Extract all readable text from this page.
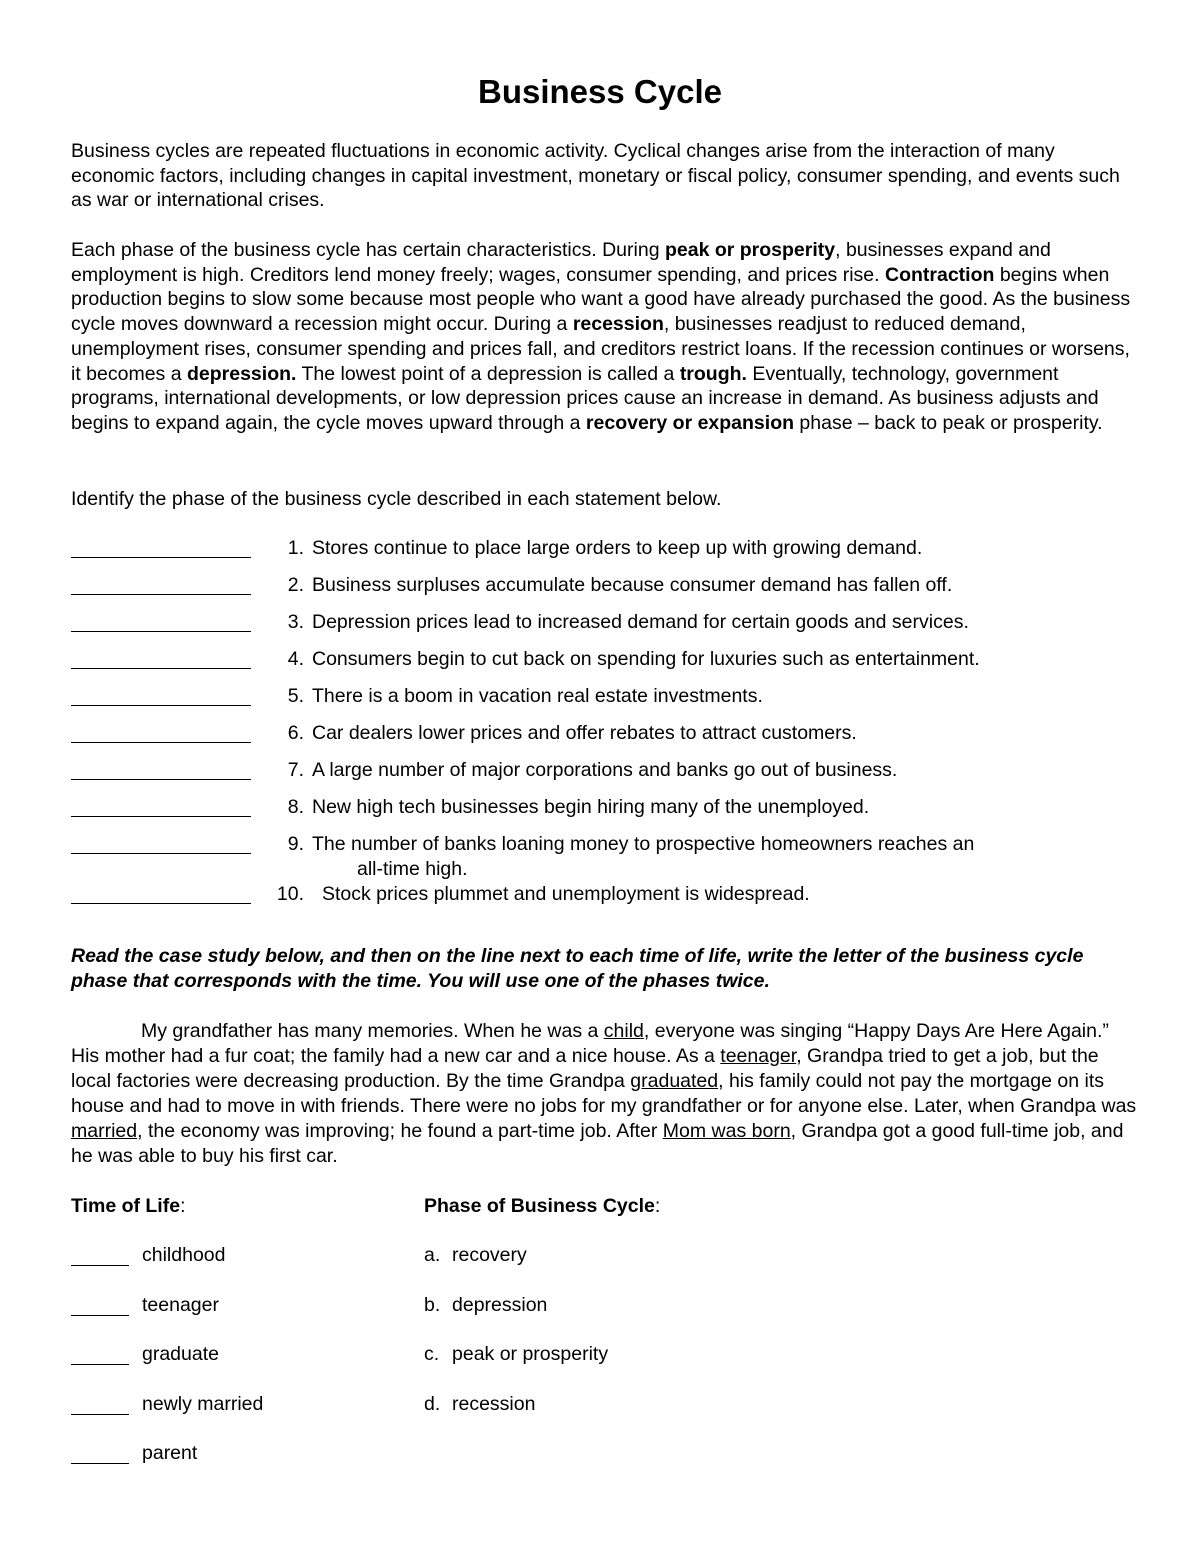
Business Cycle

Business cycles are repeated fluctuations in economic activity. Cyclical changes arise from the interaction of many economic factors, including changes in capital investment, monetary or fiscal policy, consumer spending, and events such as war or international crises.

Each phase of the business cycle has certain characteristics. During peak or prosperity, businesses expand and employment is high. Creditors lend money freely; wages, consumer spending, and prices rise. Contraction begins when production begins to slow some because most people who want a good have already purchased the good. As the business cycle moves downward a recession might occur. During a recession, businesses readjust to reduced demand, unemployment rises, consumer spending and prices fall, and creditors restrict loans. If the recession continues or worsens, it becomes a depression. The lowest point of a depression is called a trough. Eventually, technology, government programs, international developments, or low depression prices cause an increase in demand. As business adjusts and begins to expand again, the cycle moves upward through a recovery or expansion phase – back to peak or prosperity.

Identify the phase of the business cycle described in each statement below.

1. Stores continue to place large orders to keep up with growing demand.
2. Business surpluses accumulate because consumer demand has fallen off.
3. Depression prices lead to increased demand for certain goods and services.
4. Consumers begin to cut back on spending for luxuries such as entertainment.
5. There is a boom in vacation real estate investments.
6. Car dealers lower prices and offer rebates to attract customers.
7. A large number of major corporations and banks go out of business.
8. New high tech businesses begin hiring many of the unemployed.
9. The number of banks loaning money to prospective homeowners reaches an
all-time high.
10. Stock prices plummet and unemployment is widespread.

Read the case study below, and then on the line next to each time of life, write the letter of the business cycle phase that corresponds with the time. You will use one of the phases twice.

My grandfather has many memories. When he was a child, everyone was singing “Happy Days Are Here Again.” His mother had a fur coat; the family had a new car and a nice house. As a teenager, Grandpa tried to get a job, but the local factories were decreasing production. By the time Grandpa graduated, his family could not pay the mortgage on its house and had to move in with friends. There were no jobs for my grandfather or for anyone else. Later, when Grandpa was married, the economy was improving; he found a part-time job. After Mom was born, Grandpa got a good full-time job, and he was able to buy his first car.

Time of Life:	Phase of Business Cycle:
childhood
teenager
graduate
newly married
parent
a. recovery
b. depression
c. peak or prosperity
d. recession
